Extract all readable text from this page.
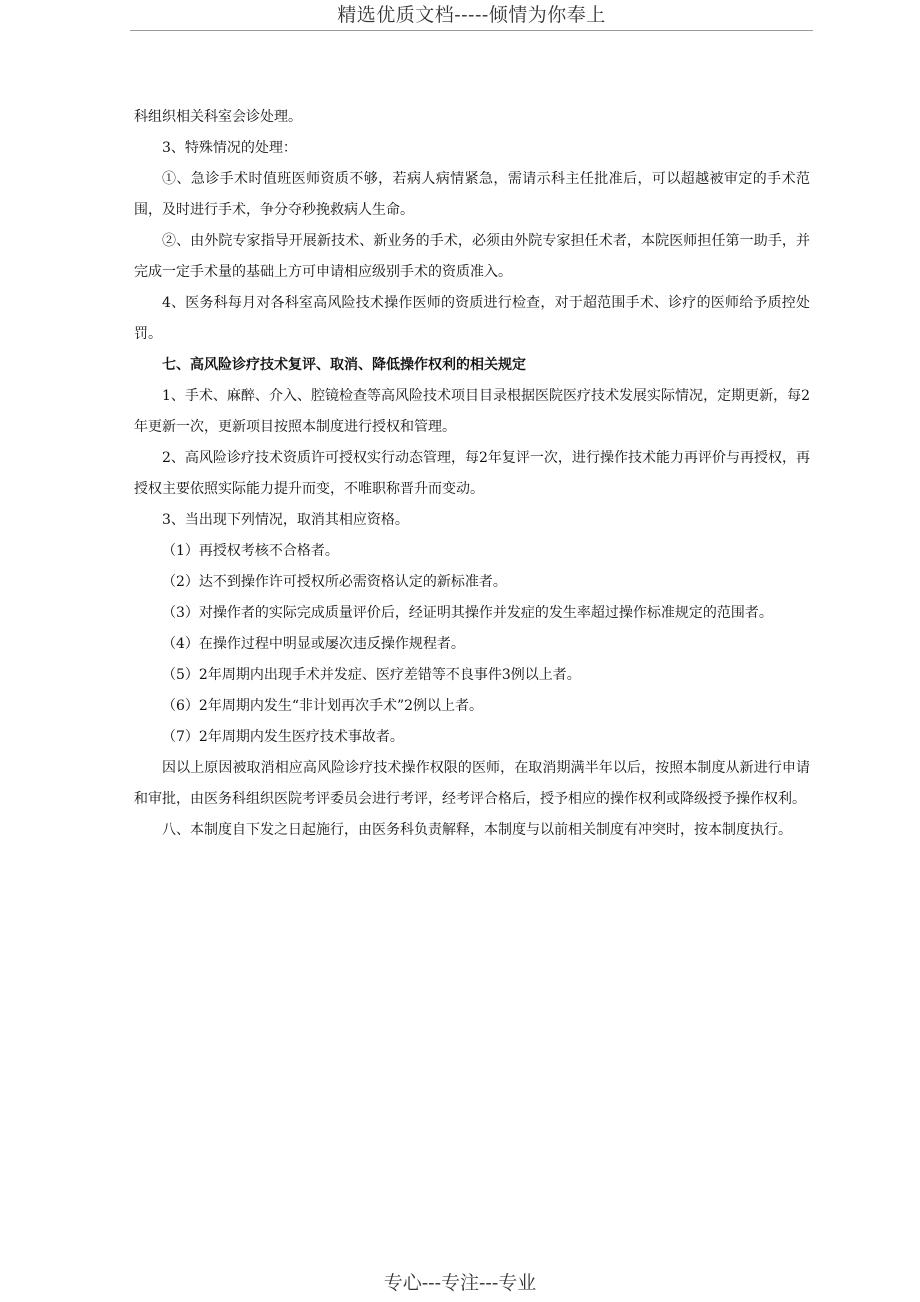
精选优质文档-----倾情为你奉上

科组织相关科室会诊处理。

3、特殊情况的处理：

①、急诊手术时值班医师资质不够，若病人病情紧急，需请示科主任批准后，可以超越被审定的手术范围，及时进行手术，争分夺秒挽救病人生命。

②、由外院专家指导开展新技术、新业务的手术，必须由外院专家担任术者，本院医师担任第一助手，并完成一定手术量的基础上方可申请相应级别手术的资质准入。

4、医务科每月对各科室高风险技术操作医师的资质进行检查，对于超范围手术、诊疗的医师给予质控处罚。

七、高风险诊疗技术复评、取消、降低操作权利的相关规定

1、手术、麻醉、介入、腔镜检查等高风险技术项目目录根据医院医疗技术发展实际情况，定期更新，每2年更新一次，更新项目按照本制度进行授权和管理。

2、高风险诊疗技术资质许可授权实行动态管理，每2年复评一次，进行操作技术能力再评价与再授权，再授权主要依照实际能力提升而变，不唯职称晋升而变动。

3、当出现下列情况，取消其相应资格。

（1）再授权考核不合格者。

（2）达不到操作许可授权所必需资格认定的新标准者。

（3）对操作者的实际完成质量评价后，经证明其操作并发症的发生率超过操作标准规定的范围者。

（4）在操作过程中明显或屡次违反操作规程者。

（5）2年周期内出现手术并发症、医疗差错等不良事件3例以上者。

（6）2年周期内发生“非计划再次手术”2例以上者。

（7）2年周期内发生医疗技术事故者。

因以上原因被取消相应高风险诊疗技术操作权限的医师，在取消期满半年以后，按照本制度从新进行申请和审批，由医务科组织医院考评委员会进行考评，经考评合格后，授予相应的操作权利或降级授予操作权利。

八、本制度自下发之日起施行，由医务科负责解释，本制度与以前相关制度有冲突时，按本制度执行。

专心---专注---专业
